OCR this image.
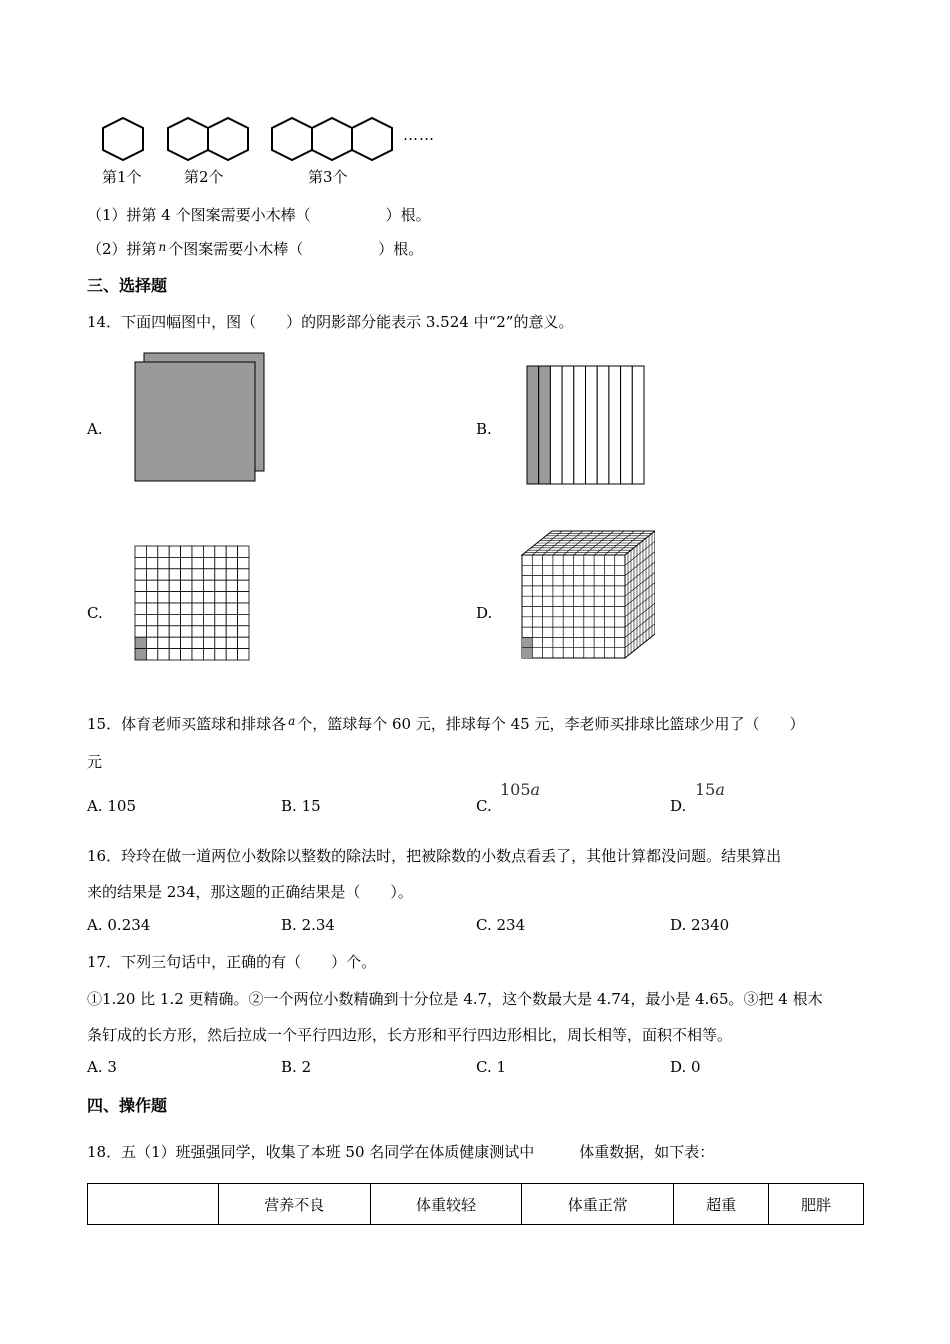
……
第1个	第2个	第3个
（1）拼第 4 个图案需要小木棒（　　　　　）根。
（2）拼第 $^n$ 个图案需要小木棒（　　　　　）根。
三、选择题
14．下面四幅图中，图（　　）的阴影部分能表示 3.524 中“2”的意义。
A.	B.
C.	D.
15．体育老师买篮球和排球各 $^a$ 个，篮球每个 60 元，排球每个 45 元，李老师买排球比篮球少用了（　　）
元
A. 105	B. 15	C.
105a
D.
15a
16．玲玲在做一道两位小数除以整数的除法时，把被除数的小数点看丢了，其他计算都没问题。结果算出
来的结果是 234，那这题的正确结果是（　　）。
A. 0.234	B. 2.34	C. 234	D. 2340
17．下列三句话中，正确的有（　　）个。
①1.20 比 1.2 更精确。②一个两位小数精确到十分位是 4.7，这个数最大是 4.74，最小是 4.65。③把 4 根木
条钉成的长方形，然后拉成一个平行四边形，长方形和平行四边形相比，周长相等，面积不相等。
A. 3	B. 2	C. 1	D. 0
四、操作题
18．五（1）班强强同学，收集了本班 50 名同学在体质健康测试中　　　体重数据，如下表：
	营养不良	体重较轻	体重正常	超重	肥胖
